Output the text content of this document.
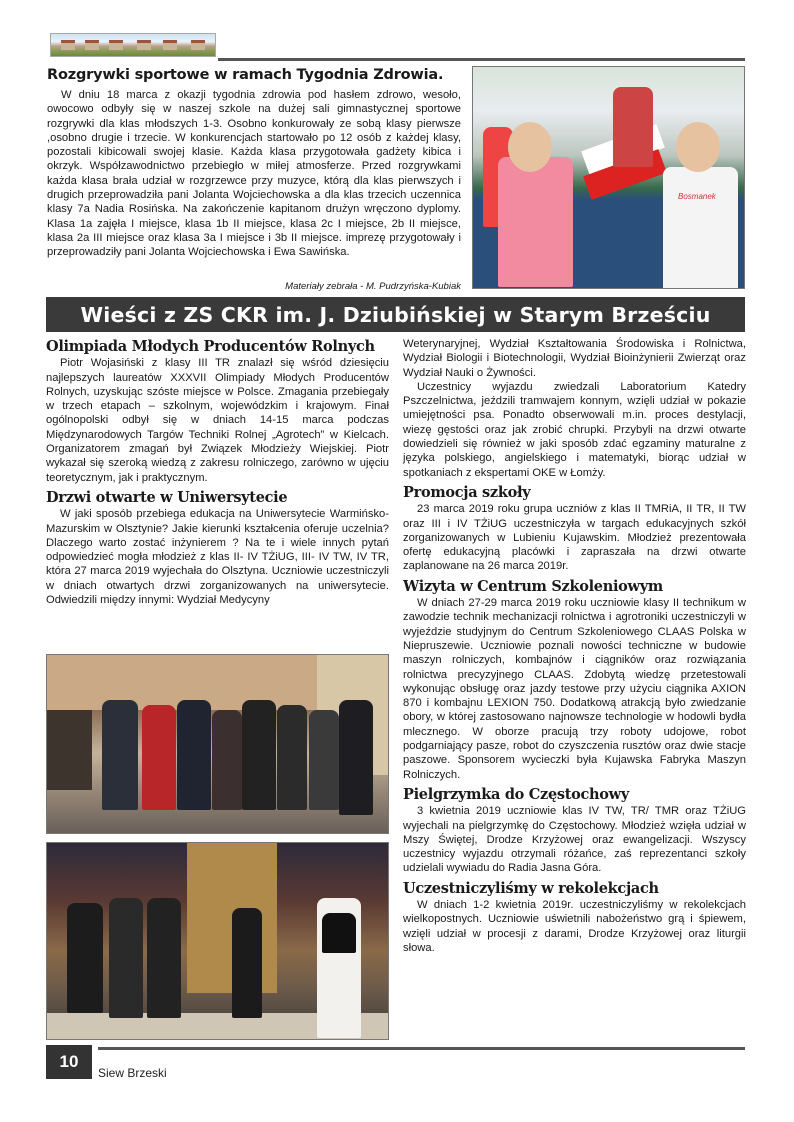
Rozgrywki sportowe w ramach Tygodnia Zdrowia.
W dniu 18 marca z okazji tygodnia zdrowia pod hasłem zdrowo, wesoło, owocowo odbyły się w naszej szkole na dużej sali gimnastycznej sportowe rozgrywki dla klas młodszych 1-3. Osobno konkurowały ze sobą klasy pierwsze ,osobno drugie i trzecie. W konkurencjach startowało po 12 osób z każdej klasy, pozostali kibicowali swojej klasie. Każda klasa przygotowała gadżety kibica i okrzyk. Współzawodnictwo przebiegło w miłej atmosferze. Przed rozgrywkami każda klasa brała udział w rozgrzewce przy muzyce, którą dla klas pierwszych i drugich przeprowadziła pani Jolanta Wojciechowska a dla klas trzecich uczennica klasy 7a Nadia Rosińska. Na zakończenie kapitanom drużyn wręczono dyplomy. Klasa 1a zajęła I miejsce, klasa 1b II miejsce, klasa 2c I miejsce, 2b II miejsce, klasa 2a III miejsce oraz klasa 3a I miejsce i 3b II miejsce. imprezę przygotowały i przeprowadziły pani Jolanta Wojciechowska i Ewa Sawińska.
Materiały zebrała - M. Pudrzyńska-Kubiak
Bosmanek
Wieści z ZS CKR im. J. Dziubińskiej w Starym Brześciu
Olimpiada Młodych Producentów Rolnych

Piotr Wojasiński z klasy III TR znalazł się wśród dziesięciu najlepszych laureatów XXXVII Olimpiady Młodych Producentów Rolnych, uzyskując szóste miejsce w Polsce. Zmagania przebiegały w trzech etapach – szkolnym, wojewódzkim i krajowym. Finał ogólnopolski odbył się w dniach 14-15 marca podczas Międzynarodowych Targów Techniki Rolnej „Agrotech” w Kielcach. Organizatorem zmagań był Związek Młodzieży Wiejskiej. Piotr wykazał się szeroką wiedzą z zakresu rolniczego, zarówno w ujęciu teoretycznym, jak i praktycznym.

Drzwi otwarte w Uniwersytecie

W jaki sposób przebiega edukacja na Uniwersytecie Warmińsko-Mazurskim w Olsztynie? Jakie kierunki kształcenia oferuje uczelnia? Dlaczego warto zostać inżynierem ? Na te i wiele innych pytań odpowiedzieć mogła młodzież z klas II- IV TŻiUG, III- IV TW, IV TR, która 27 marca 2019 wyjechała do Olsztyna. Uczniowie uczestniczyli w dniach otwartych drzwi zorganizowanych na uniwersytecie. Odwiedzili między innymi: Wydział Medycyny

Weterynaryjnej, Wydział Kształtowania Środowiska i Rolnictwa, Wydział Biologii i Biotechnologii, Wydział Bioinżynierii Zwierząt oraz Wydział Nauki o Żywności.

Uczestnicy wyjazdu zwiedzali Laboratorium Katedry Pszczelnictwa, jeździli tramwajem konnym, wzięli udział w pokazie umiejętności psa. Ponadto obserwowali m.in. proces destylacji, wiezę gęstości oraz jak zrobić chrupki. Przybyli na drzwi otwarte dowiedzieli się również w jaki sposób zdać egzaminy maturalne z języka polskiego, angielskiego i matematyki, biorąc udział w spotkaniach z ekspertami OKE w Łomży.

Promocja szkoły

23 marca 2019 roku grupa uczniów z klas II TMRiA, II TR, II TW oraz III i IV TŻiUG uczestniczyła w targach edukacyjnych szkół zorganizowanych w Lubieniu Kujawskim. Młodzież prezentowała ofertę edukacyjną placówki i zapraszała na drzwi otwarte zaplanowane na 26 marca 2019r.

Wizyta w Centrum Szkoleniowym

W dniach 27-29 marca 2019 roku uczniowie klasy II technikum w zawodzie technik mechanizacji rolnictwa i agrotroniki uczestniczyli w wyjeździe studyjnym do Centrum Szkoleniowego CLAAS Polska w Niepruszewie. Uczniowie poznali nowości techniczne w budowie maszyn rolniczych, kombajnów i ciągników oraz rozwiązania rolnictwa precyzyjnego CLAAS. Zdobytą wiedzę przetestowali wykonując obsługę oraz jazdy testowe przy użyciu ciągnika AXION 870 i kombajnu LEXION 750. Dodatkową atrakcją było zwiedzanie obory, w której zastosowano najnowsze technologie w hodowli bydła mlecznego. W oborze pracują trzy roboty udojowe, robot podgarniający pasze, robot do czyszczenia rusztów oraz dwie stacje paszowe. Sponsorem wycieczki była Kujawska Fabryka Maszyn Rolniczych.

Pielgrzymka do Częstochowy

3 kwietnia 2019 uczniowie klas IV TW, TR/ TMR oraz TŻiUG wyjechali na pielgrzymkę do Częstochowy. Młodzież wzięła udział w Mszy Świętej, Drodze Krzyżowej oraz ewangelizacji. Wszyscy uczestnicy wyjazdu otrzymali różańce, zaś reprezentanci szkoły udzielali wywiadu do Radia Jasna Góra.

Uczestniczyliśmy w rekolekcjach

W dniach 1-2 kwietnia 2019r. uczestniczyliśmy w rekolekcjach wielkopostnych. Uczniowie uświetnili nabożeństwo grą i śpiewem, wzięli udział w procesji z darami, Drodze Krzyżowej oraz liturgii słowa.

10
Siew Brzeski
